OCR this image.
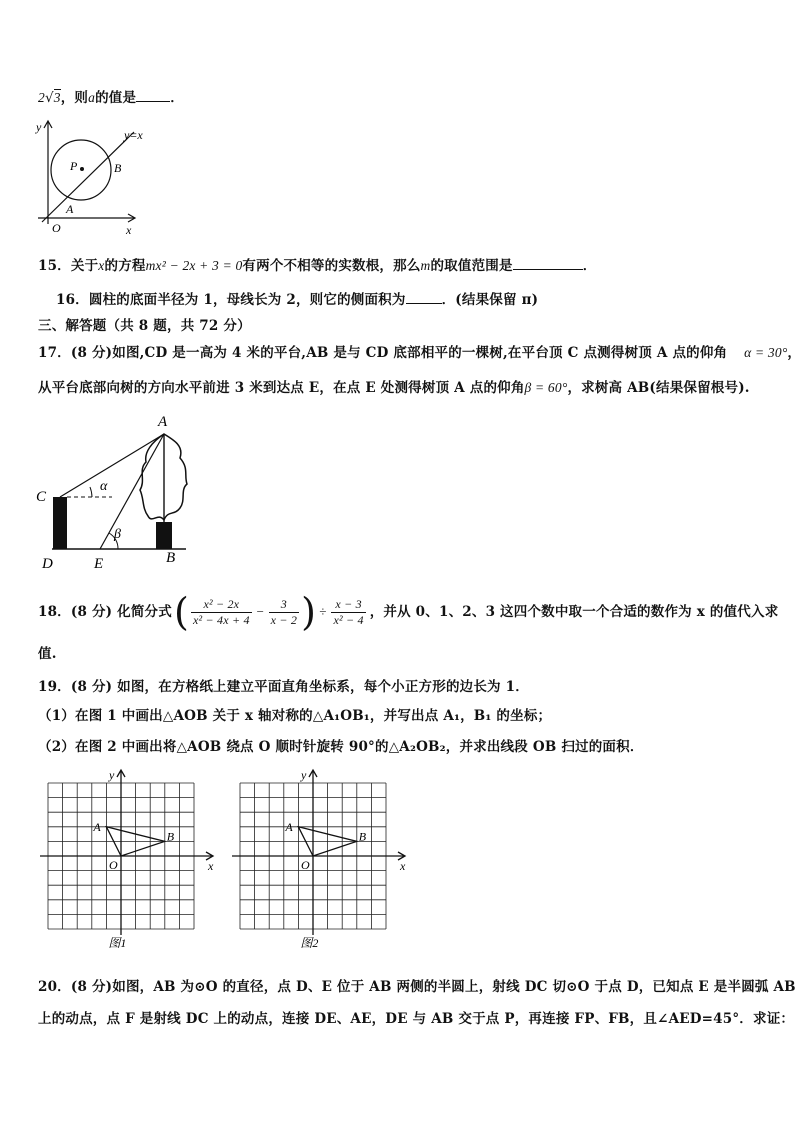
2√3，则a的值是	．
y
x
O
y=x
P
A
B
15．关于x的方程mx² − 2x + 3 = 0有两个不相等的实数根，那么m的取值范围是	．
16．圆柱的底面半径为 1，母线长为 2，则它的侧面积为	．(结果保留 π)
三、解答题（共 8 题，共 72 分）
17．(8 分)如图,CD 是一高为 4 米的平台,AB 是与 CD 底部相平的一棵树,在平台顶 C 点测得树顶 A 点的仰角 α = 30°，
从平台底部向树的方向水平前进 3 米到达点 E，在点 E 处测得树顶 A 点的仰角β = 60°，求树高 AB(结果保留根号).
A
C
D	E	B
α
β
18．(8 分) 化简分式 ( x² − 2x
x² − 4x + 4
−
3
x − 2 ) ÷
x − 3
x² − 4 ，并从 0、1、2、3 这四个数中取一个合适的数作为 x 的值代入求
值.
19．(8 分) 如图，在方格纸上建立平面直角坐标系，每个小正方形的边长为 1．
（1）在图 1 中画出△AOB 关于 x 轴对称的△A₁OB₁，并写出点 A₁，B₁ 的坐标；
（2）在图 2 中画出将△AOB 绕点 O 顺时针旋转 90°的△A₂OB₂，并求出线段 OB 扫过的面积．
A
B
O	x
y
图1
A
B
O	x
y
图2
20．(8 分)如图，AB 为⊙O 的直径，点 D、E 位于 AB 两侧的半圆上，射线 DC 切⊙O 于点 D，已知点 E 是半圆弧 AB
上的动点，点 F 是射线 DC 上的动点，连接 DE、AE，DE 与 AB 交于点 P，再连接 FP、FB，且∠AED=45°．求证：
